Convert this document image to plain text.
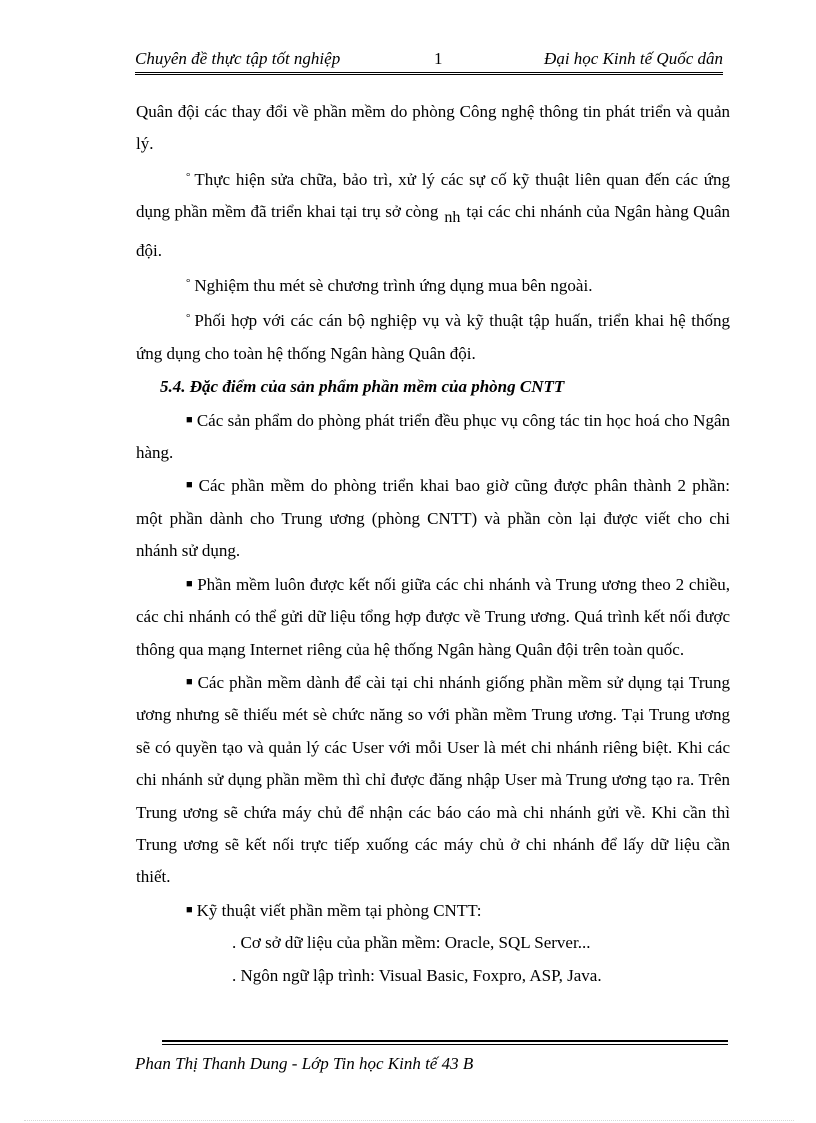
Chuyên đề thực tập tốt nghiệp	1	Đại học Kinh tế Quốc dân

Quân đội các thay đổi về phần mềm do phòng Công nghệ thông tin phát triển và quản lý.

° Thực hiện sửa chữa, bảo trì, xử lý các sự cố kỹ thuật liên quan đến các ứng dụng phần mềm đã triển khai tại trụ sở còng nh tại các chi nhánh của Ngân hàng Quân đội.

° Nghiệm thu mét sè chương trình ứng dụng mua bên ngoài.

° Phối hợp với các cán bộ nghiệp vụ và kỹ thuật tập huấn, triển khai hệ thống ứng dụng cho toàn hệ thống Ngân hàng Quân đội.

5.4. Đặc điểm của sản phẩm phần mềm của phòng CNTT

■ Các sản phẩm do phòng phát triển đều phục vụ công tác tin học hoá cho Ngân hàng.

■ Các phần mềm do phòng triển khai bao giờ cũng được phân thành 2 phần: một phần dành cho Trung ương (phòng CNTT) và phần còn lại được viết cho chi nhánh sử dụng.

■ Phần mềm luôn được kết nối giữa các chi nhánh và Trung ương theo 2 chiều, các chi nhánh có thể gửi dữ liệu tổng hợp được về Trung ương. Quá trình kết nối được thông qua mạng Internet riêng của hệ thống Ngân hàng Quân đội trên toàn quốc.

■ Các phần mềm dành để cài tại chi nhánh giống phần mềm sử dụng tại Trung ương nhưng sẽ thiếu mét sè chức năng so với phần mềm Trung ương. Tại Trung ương sẽ có quyền tạo và quản lý các User với mỗi User là mét chi nhánh riêng biệt. Khi các chi nhánh sử dụng phần mềm thì chỉ được đăng nhập User mà Trung ương tạo ra. Trên Trung ương sẽ chứa máy chủ để nhận các báo cáo mà chi nhánh gửi về. Khi cần thì Trung ương sẽ kết nối trực tiếp xuống các máy chủ ở chi nhánh để lấy dữ liệu cần thiết.

■ Kỹ thuật viết phần mềm tại phòng CNTT:

. Cơ sở dữ liệu của phần mềm: Oracle, SQL Server...

. Ngôn ngữ lập trình: Visual Basic, Foxpro, ASP, Java.

Phan Thị Thanh Dung - Lớp Tin học Kinh tế 43 B
